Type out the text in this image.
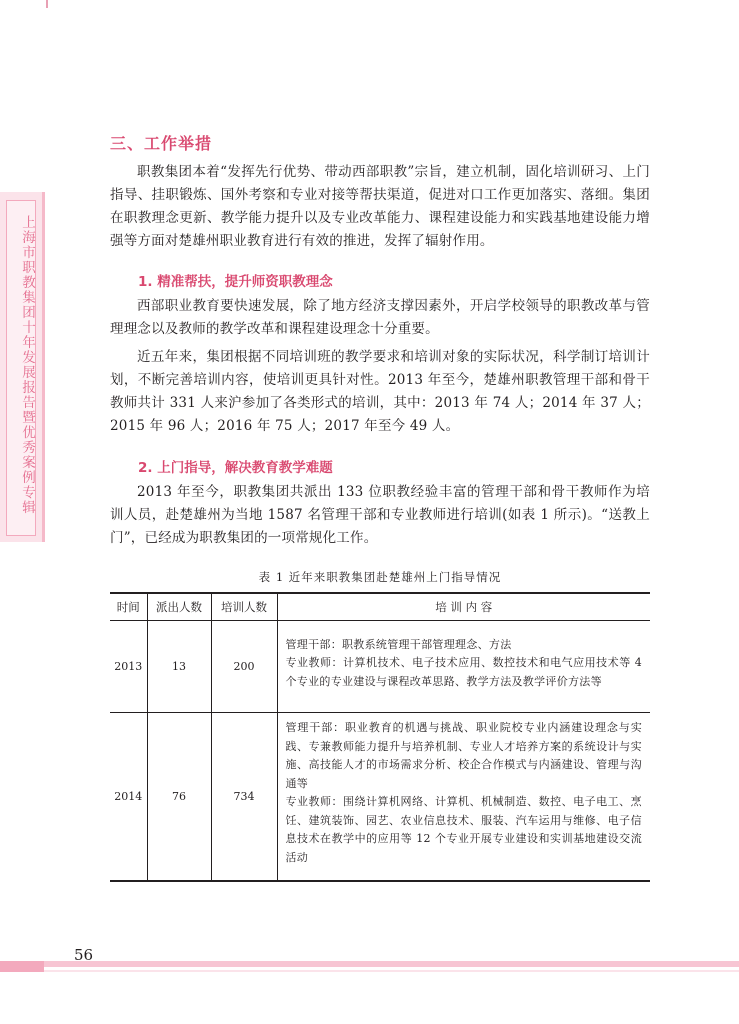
上海市职教集团十年发展报告暨优秀案例专辑
三、工作举措
职教集团本着“发挥先行优势、带动西部职教”宗旨，建立机制，固化培训研习、上门指导、挂职锻炼、国外考察和专业对接等帮扶渠道，促进对口工作更加落实、落细。集团在职教理念更新、教学能力提升以及专业改革能力、课程建设能力和实践基地建设能力增强等方面对楚雄州职业教育进行有效的推进，发挥了辐射作用。
1. 精准帮扶，提升师资职教理念
西部职业教育要快速发展，除了地方经济支撑因素外，开启学校领导的职教改革与管理理念以及教师的教学改革和课程建设理念十分重要。
近五年来，集团根据不同培训班的教学要求和培训对象的实际状况，科学制订培训计划，不断完善培训内容，使培训更具针对性。2013 年至今，楚雄州职教管理干部和骨干教师共计 331 人来沪参加了各类形式的培训，其中：2013 年 74 人；2014 年 37 人；2015 年 96 人；2016 年 75 人；2017 年至今 49 人。
2. 上门指导，解决教育教学难题
2013 年至今，职教集团共派出 133 位职教经验丰富的管理干部和骨干教师作为培训人员，赴楚雄州为当地 1587 名管理干部和专业教师进行培训(如表 1 所示)。“送教上门”，已经成为职教集团的一项常规化工作。
表 1 近年来职教集团赴楚雄州上门指导情况
时间	派出人数	培训人数	培 训 内 容
2013	13	200	管理干部：职教系统管理干部管理理念、方法
专业教师：计算机技术、电子技术应用、数控技术和电气应用技术等 4 个专业的专业建设与课程改革思路、教学方法及教学评价方法等

2014	76	734	管理干部：职业教育的机遇与挑战、职业院校专业内涵建设理念与实践、专兼教师能力提升与培养机制、专业人才培养方案的系统设计与实施、高技能人才的市场需求分析、校企合作模式与内涵建设、管理与沟通等
专业教师：围绕计算机网络、计算机、机械制造、数控、电子电工、烹饪、建筑装饰、园艺、农业信息技术、服装、汽车运用与维修、电子信息技术在教学中的应用等 12 个专业开展专业建设和实训基地建设交流活动
56
